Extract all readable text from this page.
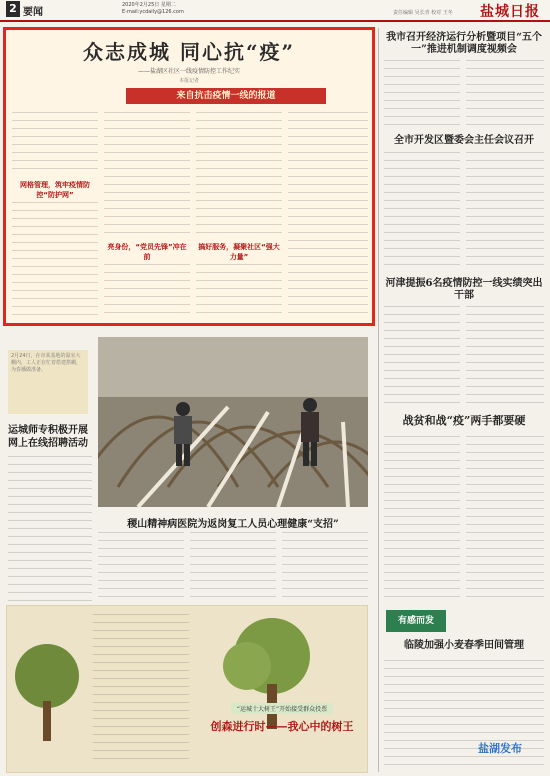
2 要闻
2020年2月25日 星期二
E-mail:ycdaily@126.com	责任编辑 吴长青 校对 王冬 盐城日报
众志成城 同心抗“疫”
——盐湖区社区一线疫情防控工作纪实
本报记者
来自抗击疫情一线的报道
网格管理，筑牢疫情防控“防护网”
亮身份，“党员先锋”冲在前
搞好服务，凝聚社区“强大力量”
我市召开经济运行分析暨项目“五个一”推进机制调度视频会
全市开发区暨委会主任会议召开
河津提振6名疫情防控一线实绩突出干部
战贫和战“疫”两手都要硬
有感而发
临陵加强小麦春季田间管理
2月24日，在市某基地的温室大棚内，工人正在忙着搭建拱棚，为春播做准备。
运城师专积极开展网上在线招聘活动
稷山精神病医院为返岗复工人员心理健康“支招”
“运城十大树王”开始接受群众投票
创森进行时——我心中的树王
盐湖发布
